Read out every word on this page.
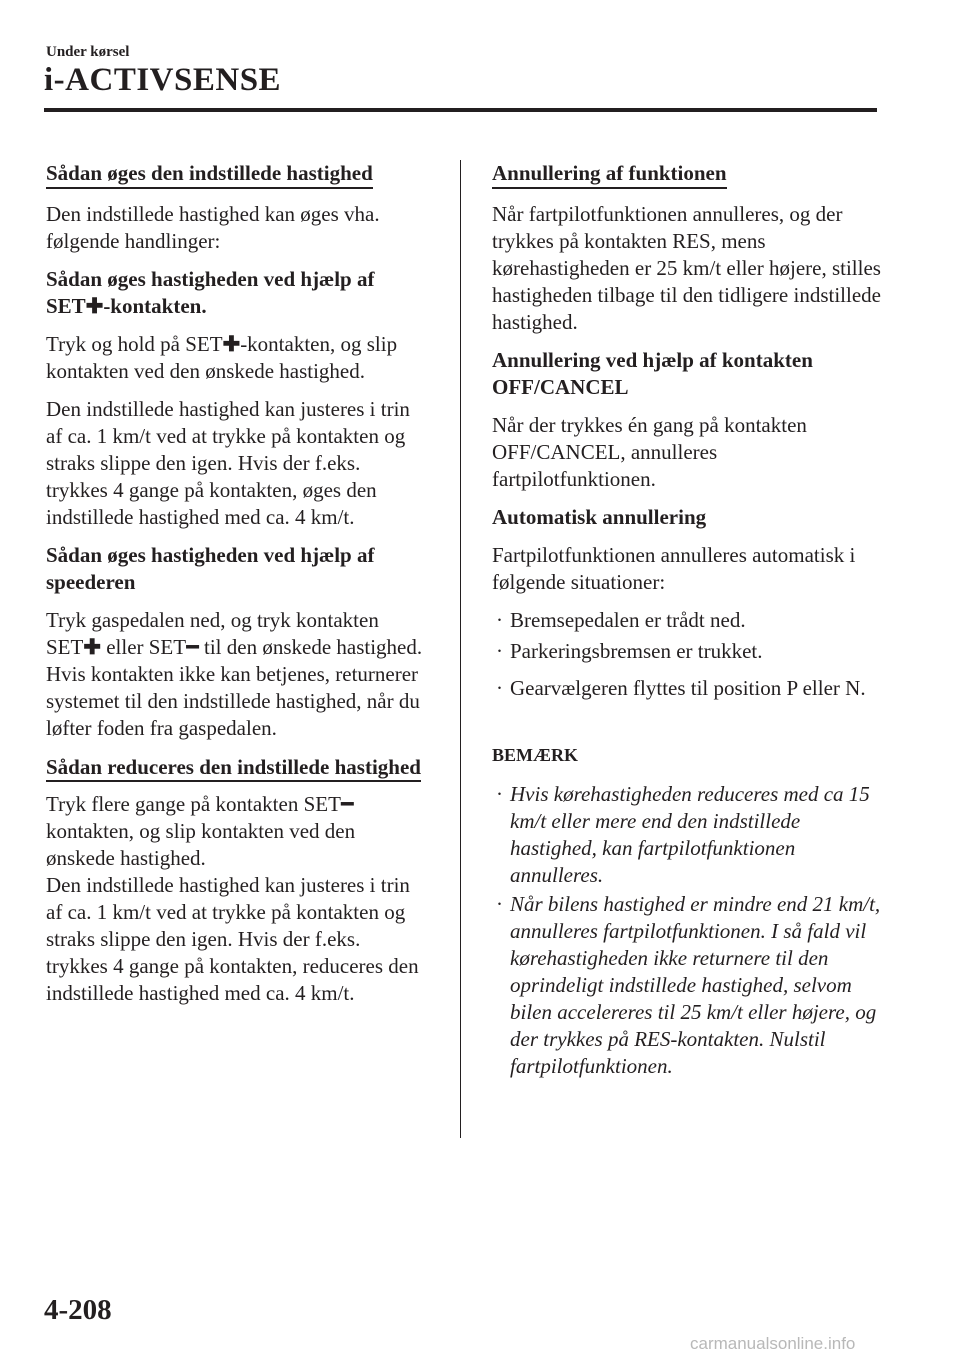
Under kørsel
i-ACTIVSENSE
Sådan øges den indstillede hastighed

Den indstillede hastighed kan øges vha. følgende handlinger:

Sådan øges hastigheden ved hjælp af SET✚-kontakten.

Tryk og hold på SET✚-kontakten, og slip kontakten ved den ønskede hastighed.

Den indstillede hastighed kan justeres i trin af ca. 1 km/t ved at trykke på kontakten og straks slippe den igen. Hvis der f.eks. trykkes 4 gange på kontakten, øges den indstillede hastighed med ca. 4 km/t.

Sådan øges hastigheden ved hjælp af speederen

Tryk gaspedalen ned, og tryk kontakten SET✚ eller SET━ til den ønskede hastighed.

Hvis kontakten ikke kan betjenes, returnerer systemet til den indstillede hastighed, når du løfter foden fra gaspedalen.

Sådan reduceres den indstillede hastighed

Tryk flere gange på kontakten SET━ kontakten, og slip kontakten ved den ønskede hastighed.

Den indstillede hastighed kan justeres i trin af ca. 1 km/t ved at trykke på kontakten og straks slippe den igen. Hvis der f.eks. trykkes 4 gange på kontakten, reduceres den indstillede hastighed med ca. 4 km/t.

Annullering af funktionen

Når fartpilotfunktionen annulleres, og der trykkes på kontakten RES, mens kørehastigheden er 25 km/t eller højere, stilles hastigheden tilbage til den tidligere indstillede hastighed.

Annullering ved hjælp af kontakten OFF/CANCEL

Når der trykkes én gang på kontakten OFF/CANCEL, annulleres fartpilotfunktionen.

Automatisk annullering

Fartpilotfunktionen annulleres automatisk i følgende situationer:

· Bremsepedalen er trådt ned.
· Parkeringsbremsen er trukket.
· Gearvælgeren flyttes til position P eller N.
BEMÆRK
· Hvis kørehastigheden reduceres med ca 15 km/t eller mere end den indstillede hastighed, kan fartpilotfunktionen annulleres.
· Når bilens hastighed er mindre end 21 km/t, annulleres fartpilotfunktionen. I så fald vil kørehastigheden ikke returnere til den oprindeligt indstillede hastighed, selvom bilen accelereres til 25 km/t eller højere, og der trykkes på RES-kontakten. Nulstil fartpilotfunktionen.
4-208
carmanualsonline.info
